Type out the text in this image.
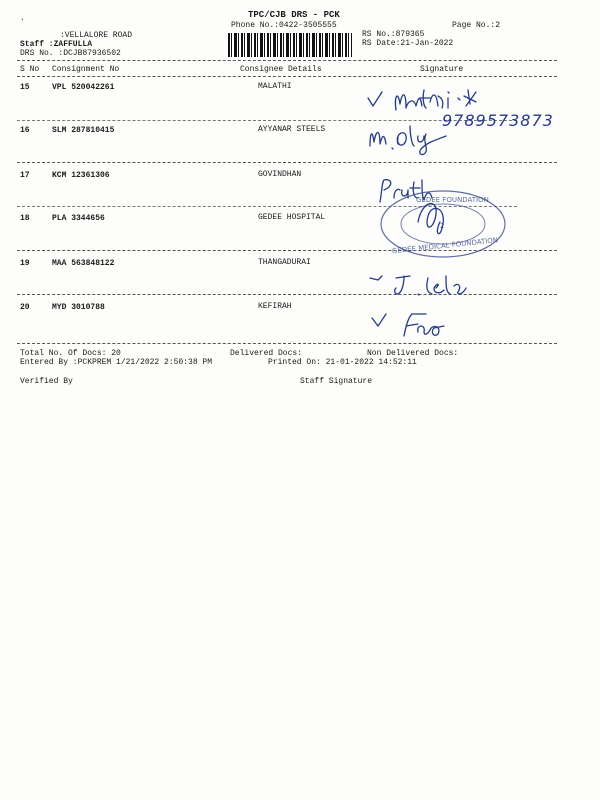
TPC/CJB DRS - PCK
Phone No.:0422-3505555	Page No.:2
.
:VELLALORE ROAD
Staff :ZAFFULLA
DRS No. :DCJB87936502
RS No.:879365
RS Date:21-Jan-2022
S No Consignment No	Consignee Details	Signature
15	VPL 520042261	MALATHI
16	SLM 287810415	AYYANAR STEELS
17	KCM 12361306	GOVINDHAN
18	PLA 3344656	GEDEE HOSPITAL
19	MAA 563848122	THANGADURAI
20	MYD 3010788	KEFIRAH
9789573873
GEDEE FOUNDATION
GEDEE MEDICAL FOUNDATION
2
Total No. Of Docs: 20	Delivered Docs:	Non Delivered Docs:
Entered By :PCKPREM 1/21/2022 2:50:38 PM	Printed On: 21-01-2022 14:52:11
Verified By	Staff Signature
